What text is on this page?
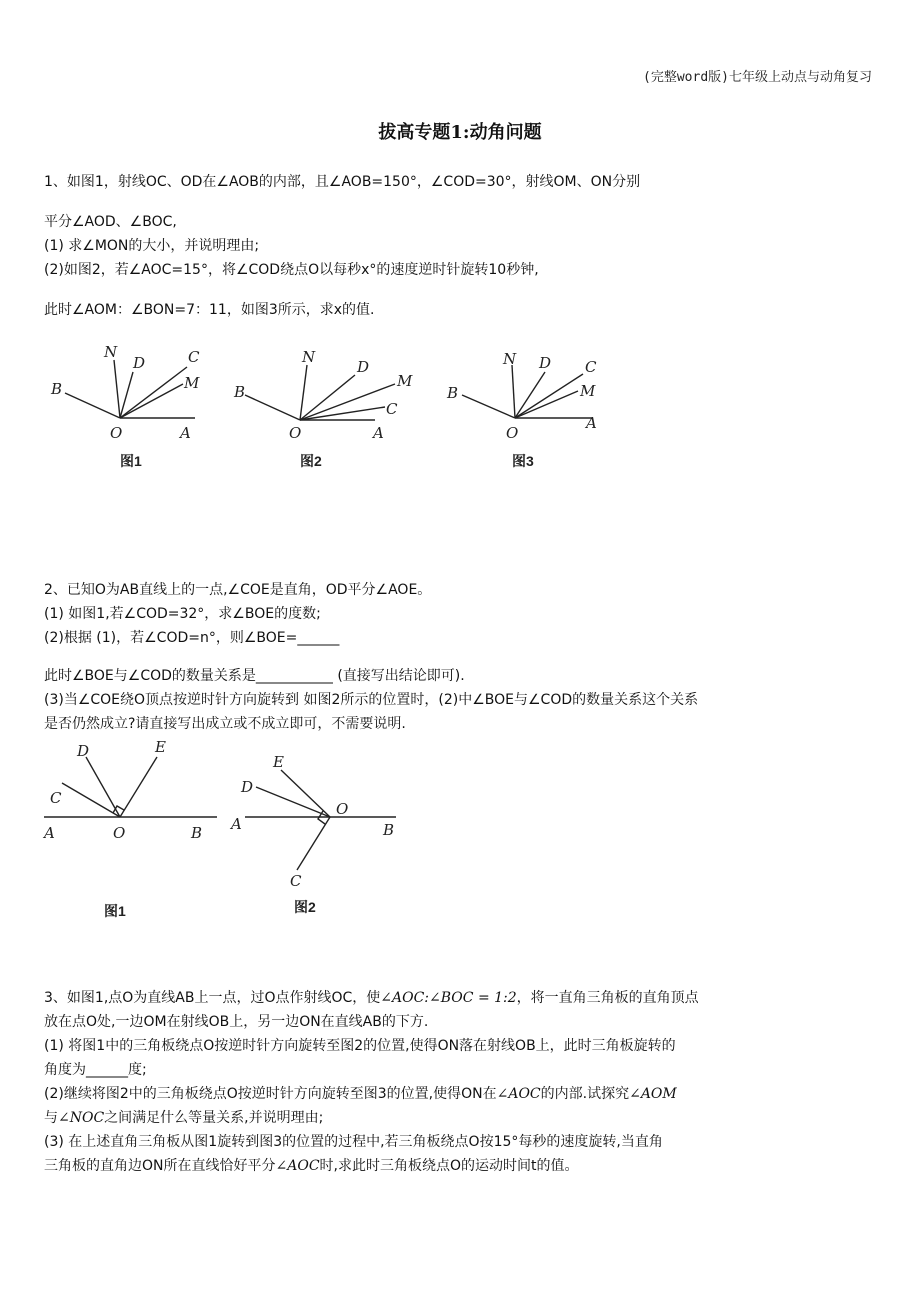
(完整word版)七年级上动点与动角复习
拔高专题1:动角问题
1、如图1，射线OC、OD在∠AOB的内部，且∠AOB=150°，∠COD=30°，射线OM、ON分别
平分∠AOD、∠BOC,
(1) 求∠MON的大小，并说明理由;
(2)如图2，若∠AOC=15°，将∠COD绕点O以每秒x°的速度逆时针旋转10秒钟,
此时∠AOM：∠BON=7：11，如图3所示，求x的值.
N
D	C
M
B
O	A
N
D
M
C
B
O	A
N D C
M
B
O
A
图1	图2	图3
D	E
C
A	O	B
E
D
O
A	B
C
图1	图2
2、已知O为AB直线上的一点,∠COE是直角，OD平分∠AOE。
(1) 如图1,若∠COD=32°，求∠BOE的度数;
(2)根据 (1)，若∠COD=n°，则∠BOE=______
此时∠BOE与∠COD的数量关系是___________ (直接写出结论即可).
(3)当∠COE绕O顶点按逆时针方向旋转到 如图2所示的位置时，(2)中∠BOE与∠COD的数量关系这个关系
是否仍然成立?请直接写出成立或不成立即可，不需要说明.
3、如图1,点O为直线AB上一点，过O点作射线OC，使∠AOC:∠BOC = 1:2，将一直角三角板的直角顶点
放在点O处,一边OM在射线OB上，另一边ON在直线AB的下方.
(1) 将图1中的三角板绕点O按逆时针方向旋转至图2的位置,使得ON落在射线OB上，此时三角板旋转的
角度为______度;
(2)继续将图2中的三角板绕点O按逆时针方向旋转至图3的位置,使得ON在∠AOC的内部.试探究∠AOM
与∠NOC之间满足什么等量关系,并说明理由;
(3) 在上述直角三角板从图1旋转到图3的位置的过程中,若三角板绕点O按15°每秒的速度旋转,当直角
三角板的直角边ON所在直线恰好平分∠AOC时,求此时三角板绕点O的运动时间t的值。
